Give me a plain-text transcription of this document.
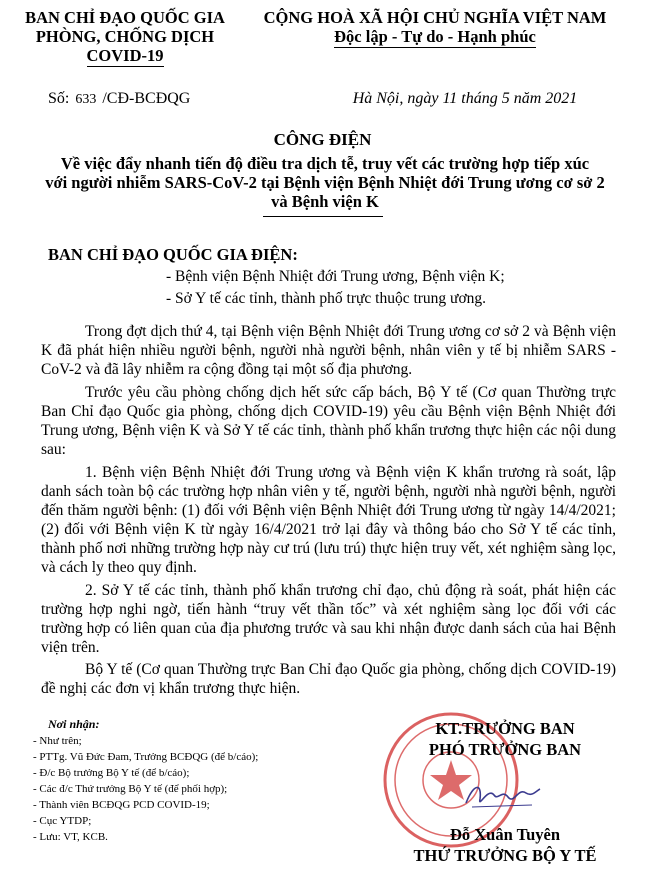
BAN CHỈ ĐẠO QUỐC GIA
PHÒNG, CHỐNG DỊCH
COVID-19
CỘNG HOÀ XÃ HỘI CHỦ NGHĨA VIỆT NAM
Độc lập - Tự do - Hạnh phúc
Số: 633 /CĐ-BCĐQG	Hà Nội, ngày 11 tháng 5 năm 2021
CÔNG ĐIỆN
Về việc đẩy nhanh tiến độ điều tra dịch tễ, truy vết các trường hợp tiếp xúc
với người nhiễm SARS-CoV-2 tại Bệnh viện Bệnh Nhiệt đới Trung ương cơ sở 2
và Bệnh viện K
BAN CHỈ ĐẠO QUỐC GIA ĐIỆN:
- Bệnh viện Bệnh Nhiệt đới Trung ương, Bệnh viện K;
- Sở Y tế các tỉnh, thành phố trực thuộc trung ương.
Trong đợt dịch thứ 4, tại Bệnh viện Bệnh Nhiệt đới Trung ương cơ sở 2 và Bệnh viện K đã phát hiện nhiều người bệnh, người nhà người bệnh, nhân viên y tế bị nhiễm SARS - CoV-2 và đã lây nhiễm ra cộng đồng tại một số địa phương.
Trước yêu cầu phòng chống dịch hết sức cấp bách, Bộ Y tế (Cơ quan Thường trực Ban Chỉ đạo Quốc gia phòng, chống dịch COVID-19) yêu cầu Bệnh viện Bệnh Nhiệt đới Trung ương, Bệnh viện K và Sở Y tế các tỉnh, thành phố khẩn trương thực hiện các nội dung sau:
1. Bệnh viện Bệnh Nhiệt đới Trung ương và Bệnh viện K khẩn trương rà soát, lập danh sách toàn bộ các trường hợp nhân viên y tế, người bệnh, người nhà người bệnh, người đến thăm người bệnh: (1) đối với Bệnh viện Bệnh Nhiệt đới Trung ương từ ngày 14/4/2021; (2) đối với Bệnh viện K từ ngày 16/4/2021 trở lại đây và thông báo cho Sở Y tế các tỉnh, thành phố nơi những trường hợp này cư trú (lưu trú) thực hiện truy vết, xét nghiệm sàng lọc, và cách ly theo quy định.
2. Sở Y tế các tỉnh, thành phố khẩn trương chỉ đạo, chủ động rà soát, phát hiện các trường hợp nghi ngờ, tiến hành “truy vết thần tốc” và xét nghiệm sàng lọc đối với các trường hợp có liên quan của địa phương trước và sau khi nhận được danh sách của hai Bệnh viện trên.
Bộ Y tế (Cơ quan Thường trực Ban Chỉ đạo Quốc gia phòng, chống dịch COVID-19) đề nghị các đơn vị khẩn trương thực hiện.
Nơi nhận:
- Như trên;
- PTTg. Vũ Đức Đam, Trưởng BCĐQG (để b/cáo);
- Đ/c Bộ trưởng Bộ Y tế (để b/cáo);
- Các đ/c Thứ trưởng Bộ Y tế (để phối hợp);
- Thành viên BCĐQG PCD COVID-19;
- Cục YTDP;
- Lưu: VT, KCB.
KT.TRƯỞNG BAN
PHÓ TRƯỞNG BAN
Đỗ Xuân Tuyên
THỨ TRƯỞNG BỘ Y TẾ
